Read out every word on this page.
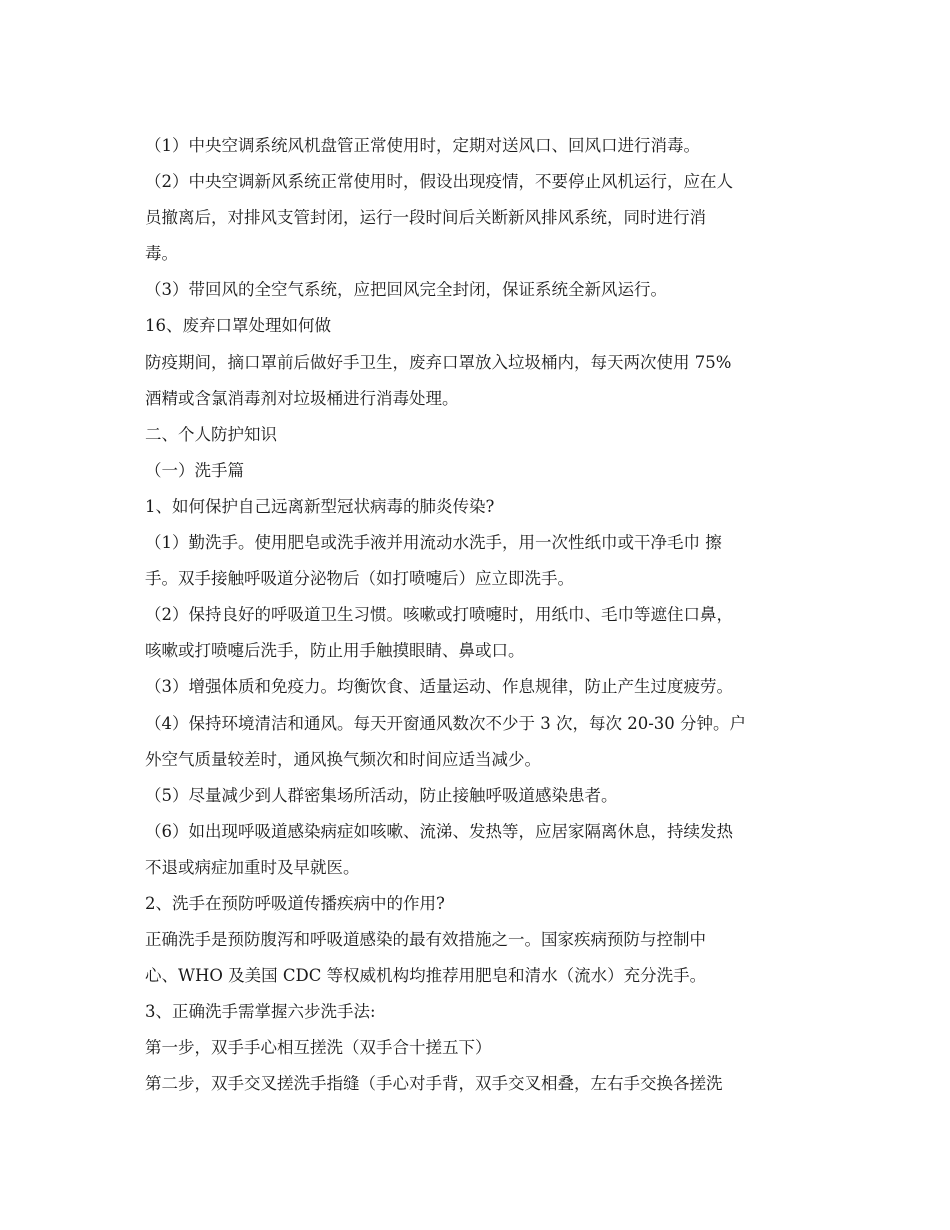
（1）中央空调系统风机盘管正常使用时，定期对送风口、回风口进行消毒。
（2）中央空调新风系统正常使用时，假设出现疫情，不要停止风机运行，应在人
员撤离后，对排风支管封闭，运行一段时间后关断新风排风系统，同时进行消
毒。
（3）带回风的全空气系统，应把回风完全封闭，保证系统全新风运行。
16、废弃口罩处理如何做
防疫期间，摘口罩前后做好手卫生，废弃口罩放入垃圾桶内，每天两次使用 75%
酒精或含氯消毒剂对垃圾桶进行消毒处理。
二、个人防护知识
（一）洗手篇
1、如何保护自己远离新型冠状病毒的肺炎传染?
（1）勤洗手。使用肥皂或洗手液并用流动水洗手，用一次性纸巾或干净毛巾 擦
手。双手接触呼吸道分泌物后（如打喷嚏后）应立即洗手。
（2）保持良好的呼吸道卫生习惯。咳嗽或打喷嚏时，用纸巾、毛巾等遮住口鼻，
咳嗽或打喷嚏后洗手，防止用手触摸眼睛、鼻或口。
（3）增强体质和免疫力。均衡饮食、适量运动、作息规律，防止产生过度疲劳。
（4）保持环境清洁和通风。每天开窗通风数次不少于 3 次，每次 20-30 分钟。户
外空气质量较差时，通风换气频次和时间应适当减少。
（5）尽量减少到人群密集场所活动，防止接触呼吸道感染患者。
（6）如出现呼吸道感染病症如咳嗽、流涕、发热等，应居家隔离休息，持续发热
不退或病症加重时及早就医。
2、洗手在预防呼吸道传播疾病中的作用?
正确洗手是预防腹泻和呼吸道感染的最有效措施之一。国家疾病预防与控制中
心、WHO 及美国 CDC 等权威机构均推荐用肥皂和清水（流水）充分洗手。
3、正确洗手需掌握六步洗手法:
第一步，双手手心相互搓洗（双手合十搓五下）
第二步，双手交叉搓洗手指缝（手心对手背，双手交叉相叠，左右手交换各搓洗
